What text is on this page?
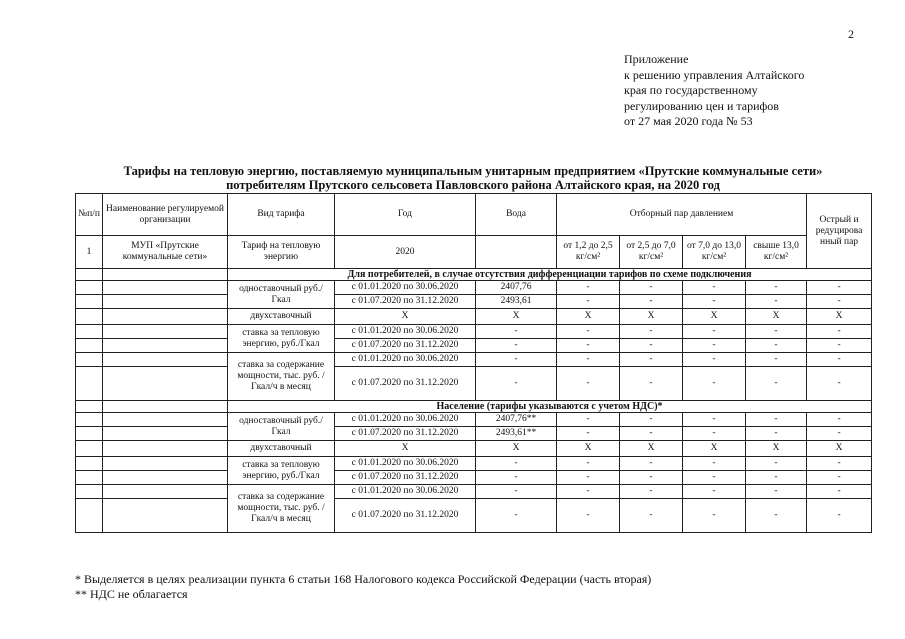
2
Приложение
к решению управления Алтайского
края по государственному
регулированию цен и тарифов
от 27 мая 2020 года № 53
Тарифы на тепловую энергию, поставляемую муниципальным унитарным предприятием «Прутские коммунальные сети»
потребителям Прутского сельсовета Павловского района Алтайского края, на 2020 год
№п/п	Наименование регулируемой организации	Вид тарифа	Год	Вода	Отборный пар давлением				Острый и редуцирова нный пар
1	МУП «Прутские коммунальные сети»	Тариф на тепловую энергию	2020		от 1,2 до 2,5 кг/см²	от 2,5 до 7,0 кг/см²	от 7,0 до 13,0 кг/см²	свыше 13,0 кг/см²	
		Для потребителей, в случае отсутствия дифференциации тарифов по схеме подключения							
		одноставочный руб./Гкал	с 01.01.2020 по 30.06.2020	2407,76	-	-	-	-	-
			с 01.07.2020 по 31.12.2020	2493,61	-	-	-	-	-
		двухставочный	X	X	X	X	X	X	X
		ставка за тепловую энергию, руб./Гкал	с 01.01.2020 по 30.06.2020	-	-	-	-	-	-
			с 01.07.2020 по 31.12.2020	-	-	-	-	-	-
		ставка за содержание мощности, тыс. руб. /Гкал/ч в месяц	с 01.01.2020 по 30.06.2020	-	-	-	-	-	-
			с 01.07.2020 по 31.12.2020	-	-	-	-	-	-
		Население (тарифы указываются с учетом НДС)*							
		одноставочный руб./Гкал	с 01.01.2020 по 30.06.2020	2407,76**	-	-	-	-	-
			с 01.07.2020 по 31.12.2020	2493,61**	-	-	-	-	-
		двухставочный	X	X	X	X	X	X	X
		ставка за тепловую энергию, руб./Гкал	с 01.01.2020 по 30.06.2020	-	-	-	-	-	-
			с 01.07.2020 по 31.12.2020	-	-	-	-	-	-
		ставка за содержание мощности, тыс. руб. /Гкал/ч в месяц	с 01.01.2020 по 30.06.2020	-	-	-	-	-	-
			с 01.07.2020 по 31.12.2020	-	-	-	-	-	-
* Выделяется в целях реализации пункта 6 статьи 168 Налогового кодекса Российской Федерации (часть вторая)
** НДС не облагается
